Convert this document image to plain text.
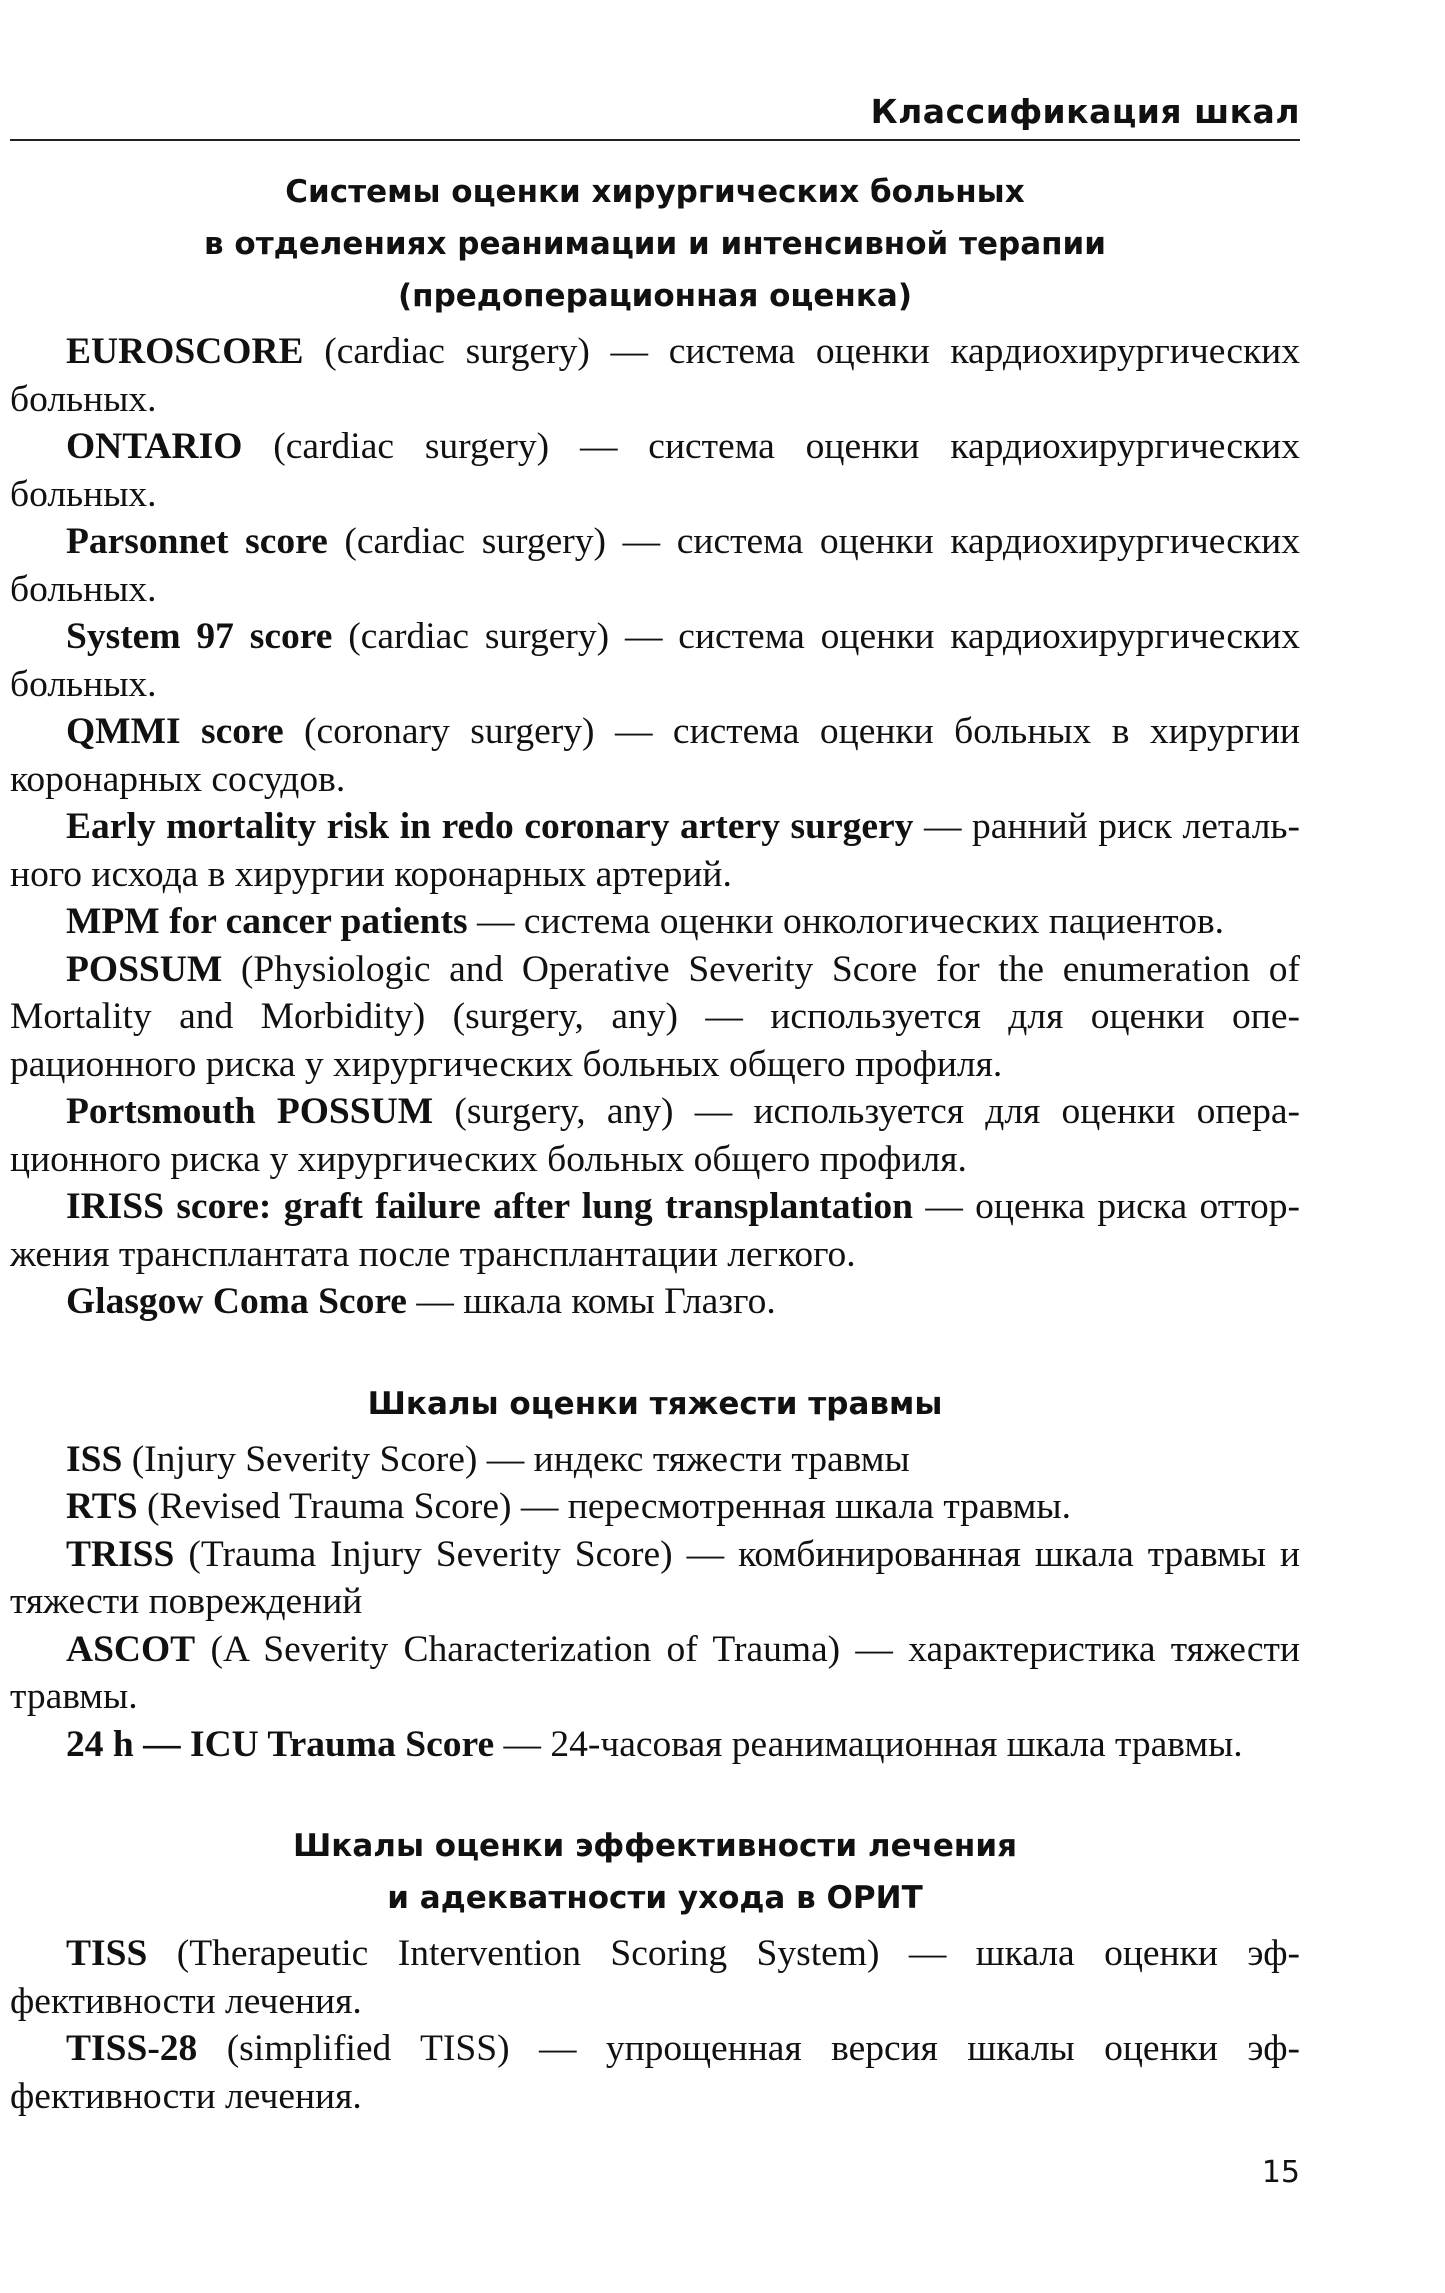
Классификация шкал
Системы оценки хирургических больных
в отделениях реанимации и интенсивной терапии
(предоперационная оценка)

EUROSCORE (cardiac surgery) — система оценки кардиохирургических больных.

ONTARIO (cardiac surgery) — система оценки кардиохирургических больных.

Parsonnet score (cardiac surgery) — система оценки кардиохирургических больных.

System 97 score (cardiac surgery) — система оценки кардиохирургических больных.

QMMI score (coronary surgery) — система оценки больных в хирургии коронарных сосудов.

Early mortality risk in redo coronary artery surgery — ранний риск летального исхода в хирургии коронарных артерий.

MPM for cancer patients — система оценки онкологических пациентов.

POSSUM (Physiologic and Operative Severity Score for the enumeration of Mortality and Morbidity) (surgery, any) — используется для оценки операционного риска у хирургических больных общего профиля.

Portsmouth POSSUM (surgery, any) — используется для оценки операционного риска у хирургических больных общего профиля.

IRISS score: graft failure after lung transplantation — оценка риска отторжения трансплантата после трансплантации легкого.

Glasgow Coma Score — шкала комы Глазго.

Шкалы оценки тяжести травмы

ISS (Injury Severity Score) — индекс тяжести травмы

RTS (Revised Trauma Score) — пересмотренная шкала травмы.

TRISS (Trauma Injury Severity Score) — комбинированная шкала травмы и тяжести повреждений

ASCOT (A Severity Characterization of Trauma) — характеристика тяжести травмы.

24 h — ICU Trauma Score — 24-часовая реанимационная шкала травмы.

Шкалы оценки эффективности лечения
и адекватности ухода в ОРИТ

TISS (Therapeutic Intervention Scoring System) — шкала оценки эффективности лечения.

TISS-28 (simplified TISS) — упрощенная версия шкалы оценки эффективности лечения.

15
